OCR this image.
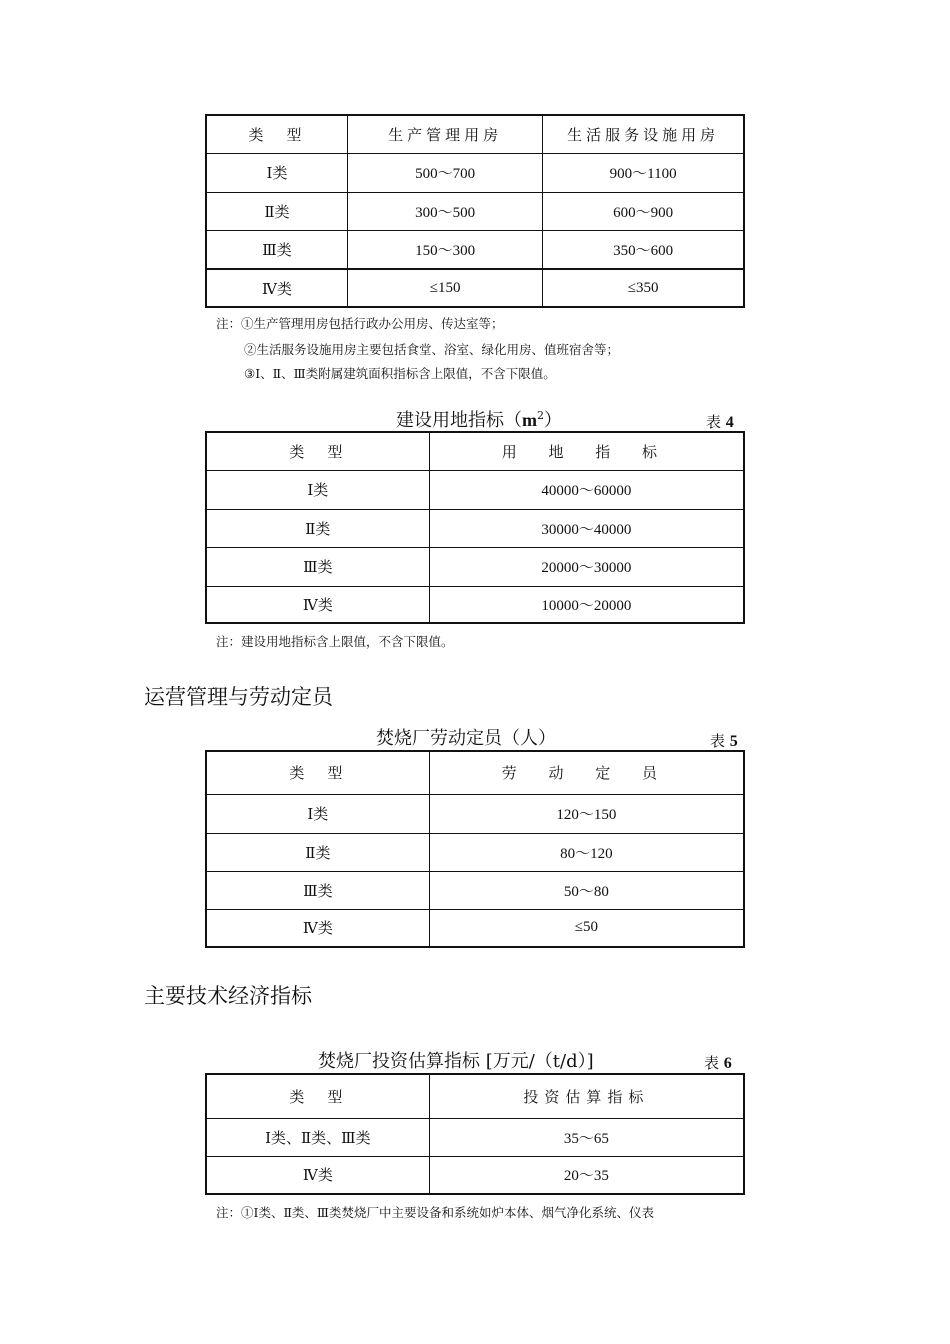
类　型	生产管理用房	生活服务设施用房
Ⅰ类	500～700	900～1100
Ⅱ类	300～500	600～900
Ⅲ类	150～300	350～600
Ⅳ类	≤150	≤350
注：①生产管理用房包括行政办公用房、传达室等；
②生活服务设施用房主要包括食堂、浴室、绿化用房、值班宿舍等；
③Ⅰ、Ⅱ、Ⅲ类附属建筑面积指标含上限值，不含下限值。
建设用地指标$(m^2)$	表 4
类　型	用 地 指 标
Ⅰ类	40000～60000
Ⅱ类	30000～40000
Ⅲ类	20000～30000
Ⅳ类	10000～20000
注：建设用地指标含上限值，不含下限值。
运营管理与劳动定员
焚烧厂劳动定员（人）	表 5
类　型	劳 动 定 员
Ⅰ类	120～150
Ⅱ类	80～120
Ⅲ类	50～80
Ⅳ类	≤50
主要技术经济指标
焚烧厂投资估算指标 [万元/（t/d）]	表 6
类　型	投资估算指标
Ⅰ类、Ⅱ类、Ⅲ类	35～65
Ⅳ类	20～35
注：①Ⅰ类、Ⅱ类、Ⅲ类焚烧厂中主要设备和系统如炉本体、烟气净化系统、仪表
